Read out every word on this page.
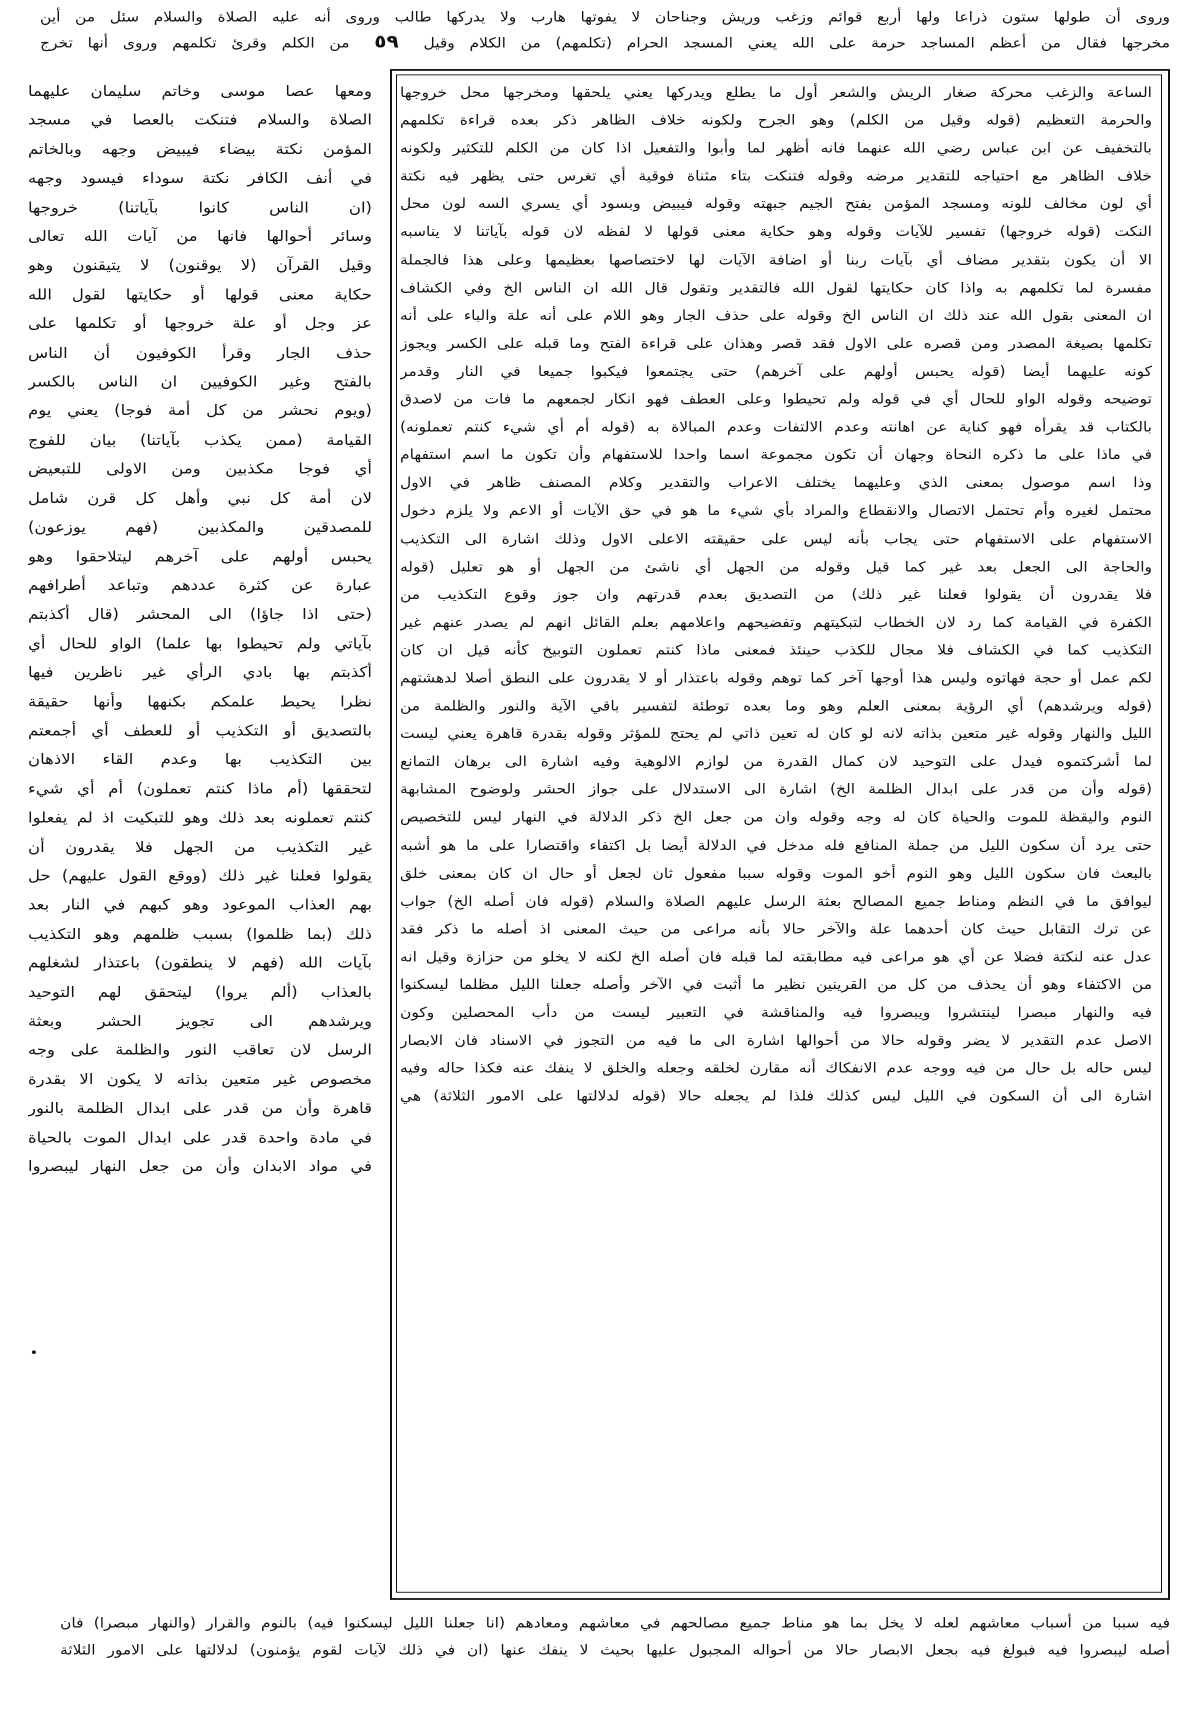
وروى أن طولها ستون ذراعا ولها أربع قوائم وزغب وريش وجناحان لا يفوتها هارب ولا يدركها طالب وروى أنه عليه الصلاة والسلام سئل من أين
مخرجها فقال من أعظم المساجد حرمة على الله يعني المسجد الحرام (تكلمهم) من الكلام وقيل ٥٩ من الكلم وقرئ تكلمهم وروى أنها تخرج
ومعها عصا موسى وخاتم سليمان عليهما
الصلاة والسلام فتنكت بالعصا في مسجد
المؤمن نكتة بيضاء فيبيض وجهه وبالخاتم
في أنف الكافر نكتة سوداء فيسود وجهه
(ان الناس كانوا بآياتنا) خروجها
وسائر أحوالها فانها من آيات الله تعالى
وقيل القرآن (لا يوقنون) لا يتيقنون وهو
حكاية معنى قولها أو حكايتها لقول الله
عز وجل أو علة خروجها أو تكلمها على
حذف الجار وقرأ الكوفيون أن الناس
بالفتح وغير الكوفيين ان الناس بالكسر
(ويوم نحشر من كل أمة فوجا) يعني يوم
القيامة (ممن يكذب بآياتنا) بيان للفوج
أي فوجا مكذبين ومن الاولى للتبعيض
لان أمة كل نبي وأهل كل قرن شامل
للمصدقين والمكذبين (فهم يوزعون)
يحبس أولهم على آخرهم ليتلاحقوا وهو
عبارة عن كثرة عددهم وتباعد أطرافهم
(حتى اذا جاؤا) الى المحشر (قال أكذبتم
بآياتي ولم تحيطوا بها علما) الواو للحال أي
أكذبتم بها بادي الرأي غير ناظرين فيها
نظرا يحيط علمكم بكنهها وأنها حقيقة
بالتصديق أو التكذيب أو للعطف أي أجمعتم
بين التكذيب بها وعدم القاء الاذهان
لتحققها (أم ماذا كنتم تعملون) أم أي شيء
كنتم تعملونه بعد ذلك وهو للتبكيت اذ لم يفعلوا
غير التكذيب من الجهل فلا يقدرون أن
يقولوا فعلنا غير ذلك (ووقع القول عليهم) حل
بهم العذاب الموعود وهو كبهم في النار بعد
ذلك (بما ظلموا) بسبب ظلمهم وهو التكذيب
بآيات الله (فهم لا ينطقون) باعتذار لشغلهم
بالعذاب (ألم يروا) ليتحقق لهم التوحيد
ويرشدهم الى تجويز الحشر وبعثة
الرسل لان تعاقب النور والظلمة على وجه
مخصوص غير متعين بذاته لا يكون الا بقدرة
قاهرة وأن من قدر على ابدال الظلمة بالنور
في مادة واحدة قدر على ابدال الموت بالحياة
في مواد الابدان وأن من جعل النهار ليبصروا
الساعة والزغب محركة صغار الريش والشعر أول ما يطلع ويدركها يعني يلحقها ومخرجها محل خروجها
والحرمة التعظيم (قوله وقيل من الكلم) وهو الجرح ولكونه خلاف الظاهر ذكر بعده قراءة تكلمهم
بالتخفيف عن ابن عباس رضي الله عنهما فانه أظهر لما وأبوا والتفعيل اذا كان من الكلم للتكثير ولكونه
خلاف الظاهر مع احتياجه للتقدير مرضه وقوله فتنكت بتاء مثناة فوقية أي تغرس حتى يظهر فيه نكتة
أي لون مخالف للونه ومسجد المؤمن بفتح الجيم جبهته وقوله فيبيض وبسود أي يسري السه لون محل
النكت (قوله خروجها) تفسير للآيات وقوله وهو حكاية معنى قولها لا لفظه لان قوله بآياتنا لا يناسبه
الا أن يكون بتقدير مضاف أي بآيات ربنا أو اضافة الآيات لها لاختصاصها بعظيمها وعلى هذا فالجملة
مفسرة لما تكلمهم به واذا كان حكايتها لقول الله فالتقدير وتقول قال الله ان الناس الخ وفي الكشاف
ان المعنى بقول الله عند ذلك ان الناس الخ وقوله على حذف الجار وهو اللام على أنه علة والباء على أنه
تكلمها بصيغة المصدر ومن قصره على الاول فقد قصر وهذان على قراءة الفتح وما قبله على الكسر ويجوز
كونه عليهما أيضا (قوله يحبس أولهم على آخرهم) حتى يجتمعوا فيكبوا جميعا في النار وقدمر
توضيحه وقوله الواو للحال أي في قوله ولم تحيطوا وعلى العطف فهو انكار لجمعهم ما فات من لاصدق
بالكتاب قد يقرأه فهو كناية عن اهانته وعدم الالتفات وعدم المبالاة به (قوله أم أي شيء كنتم تعملونه)
في ماذا على ما ذكره النحاة وجهان أن تكون مجموعة اسما واحدا للاستفهام وأن تكون ما اسم استفهام
وذا اسم موصول بمعنى الذي وعليهما يختلف الاعراب والتقدير وكلام المصنف ظاهر في الاول
محتمل لغيره وأم تحتمل الاتصال والانقطاع والمراد بأي شيء ما هو في حق الآيات أو الاعم ولا يلزم دخول
الاستفهام على الاستفهام حتى يجاب بأنه ليس على حقيقته الاعلى الاول وذلك اشارة الى التكذيب
والحاجة الى الجعل بعد غير كما قيل وقوله من الجهل أي ناشئ من الجهل أو هو تعليل (قوله
فلا يقدرون أن يقولوا فعلنا غير ذلك) من التصديق بعدم قدرتهم وان جوز وقوع التكذيب من
الكفرة في القيامة كما رد لان الخطاب لتبكيتهم وتفضيحهم واعلامهم بعلم القائل انهم لم يصدر عنهم غير
التكذيب كما في الكشاف فلا مجال للكذب حينئذ فمعنى ماذا كنتم تعملون التوبيخ كأنه قيل ان كان
لكم عمل أو حجة فهاتوه وليس هذا أوجها آخر كما توهم وقوله باعتذار أو لا يقدرون على النطق أصلا لدهشتهم
(قوله ويرشدهم) أي الرؤية بمعنى العلم وهو وما بعده توطئة لتفسير باقي الآية والنور والظلمة من
الليل والنهار وقوله غير متعين بذاته لانه لو كان له تعين ذاتي لم يحتج للمؤثر وقوله بقدرة قاهرة يعني ليست
لما أشركتموه فيدل على التوحيد لان كمال القدرة من لوازم الالوهية وفيه اشارة الى برهان التمانع
(قوله وأن من قدر على ابدال الظلمة الخ) اشارة الى الاستدلال على جواز الحشر ولوضوح المشابهة
النوم واليقظة للموت والحياة كان له وجه وقوله وان من جعل الخ ذكر الدلالة في النهار ليس للتخصيص
حتى يرد أن سكون الليل من جملة المنافع فله مدخل في الدلالة أيضا بل اكتفاء واقتصارا على ما هو أشبه
بالبعث فان سكون الليل وهو النوم أخو الموت وقوله سببا مفعول ثان لجعل أو حال ان كان بمعنى خلق
ليوافق ما في النظم ومناط جميع المصالح بعثة الرسل عليهم الصلاة والسلام (قوله فان أصله الخ) جواب
عن ترك التقابل حيث كان أحدهما علة والآخر حالا بأنه مراعى من حيث المعنى اذ أصله ما ذكر فقد
عدل عنه لنكتة فضلا عن أي هو مراعى فيه مطابقته لما قبله فان أصله الخ لكنه لا يخلو من حزازة وقيل انه
من الاكتفاء وهو أن يحذف من كل من القرينين نظير ما أثبت في الآخر وأصله جعلنا الليل مظلما ليسكنوا
فيه والنهار مبصرا لينتشروا ويبصروا فيه والمناقشة في التعبير ليست من دأب المحصلين وكون
الاصل عدم التقدير لا يضر وقوله حالا من أحوالها اشارة الى ما فيه من التجوز في الاسناد فان الابصار
ليس حاله بل حال من فيه ووجه عدم الانفكاك أنه مقارن لخلقه وجعله والخلق لا ينفك عنه فكذا حاله وفيه
اشارة الى أن السكون في الليل ليس كذلك فلذا لم يجعله حالا (قوله لدلالتها على الامور الثلاثة) هي
فيه سببا من أسباب معاشهم لعله لا يخل بما هو مناط جميع مصالحهم في معاشهم ومعادهم (انا جعلنا الليل ليسكنوا فيه) بالنوم والقرار (والنهار مبصرا) فان
أصله ليبصروا فيه فبولغ فيه بجعل الابصار حالا من أحواله المجبول عليها بحيث لا ينفك عنها (ان في ذلك لآيات لقوم يؤمنون) لدلالتها على الامور الثلاثة
•
